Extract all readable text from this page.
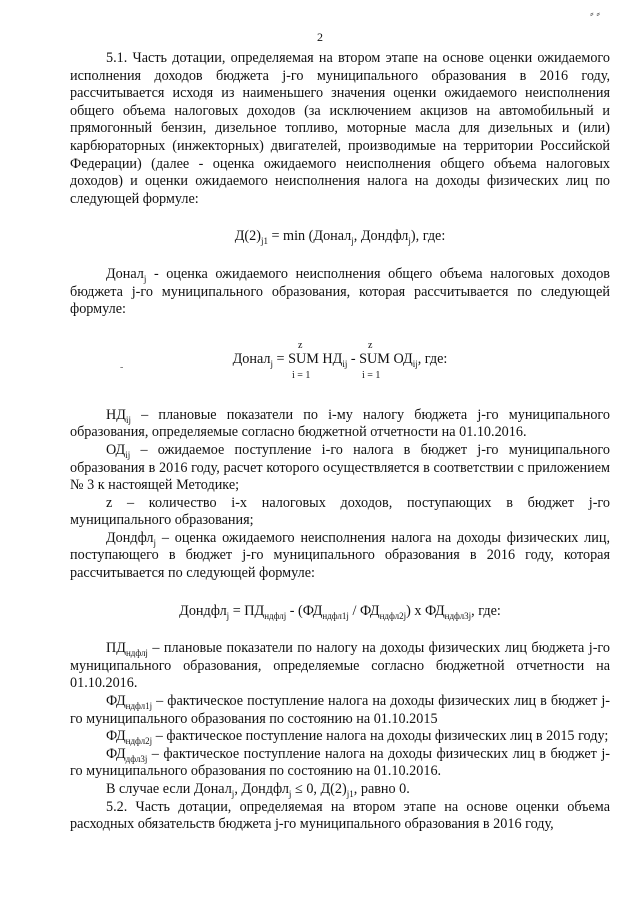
⸗ ⸗
2
-

5.1. Часть дотации, определяемая на втором этапе на основе оценки ожидаемого исполнения доходов бюджета j-го муниципального образования в 2016 году, рассчитывается исходя из наименьшего значения оценки ожидаемого неисполнения общего объема налоговых доходов (за исключением акцизов на автомобильный и прямогонный бензин, дизельное топливо, моторные масла для дизельных и (или) карбюраторных (инжекторных) двигателей, производимые на территории Российской Федерации) (далее - оценка ожидаемого неисполнения общего объема налоговых доходов) и оценки ожидаемого неисполнения налога на доходы физических лиц по следующей формуле:

$Д(2)_{j1} = \min$ (Донал$_j$, Дондфл$_j$), где:

Донал$_j$ - оценка ожидаемого неисполнения общего объема налоговых доходов бюджета j-го муниципального образования, которая рассчитывается по следующей формуле:

z	z
Донал$_j$ = SUM $НД_{ij}$ - SUM $ОД_{ij}$, где:
i = 1	i = 1

$НД_{ij}$ – плановые показатели по i-му налогу бюджета j-го муниципального образования, определяемые согласно бюджетной отчетности на 01.10.2016.

$ОД_{ij}$ – ожидаемое поступление i-го налога в бюджет j-го муниципального образования в 2016 году, расчет которого осуществляется в соответствии с приложением № 3 к настоящей Методике;

z – количество i-х налоговых доходов, поступающих в бюджет j-го муниципального образования;

Дондфл$_j$ – оценка ожидаемого неисполнения налога на доходы физических лиц, поступающего в бюджет j-го муниципального образования в 2016 году, которая рассчитывается по следующей формуле:

Дондфл$_j$ = $ПД_{ндфлj} - (ФД_{ндфл1j} / ФД_{ндфл2j})$ х $ФД_{ндфл3j}$, где:

$ПД_{ндфлj}$ – плановые показатели по налогу на доходы физических лиц бюджета j-го муниципального образования, определяемые согласно бюджетной отчетности на 01.10.2016.

$ФД_{ндфл1j}$ – фактическое поступление налога на доходы физических лиц в бюджет j-го муниципального образования по состоянию на 01.10.2015

$ФД_{ндфл2j}$ – фактическое поступление налога на доходы физических лиц в 2015 году;

$ФД_{дфл3j}$ – фактическое поступление налога на доходы физических лиц в бюджет j-го муниципального образования по состоянию на 01.10.2016.

В случае если Донал$_j$, Дондфл$_j$ ≤ 0, $Д(2)_{j1}$, равно 0.

5.2. Часть дотации, определяемая на втором этапе на основе оценки объема расходных обязательств бюджета j-го муниципального образования в 2016 году,
